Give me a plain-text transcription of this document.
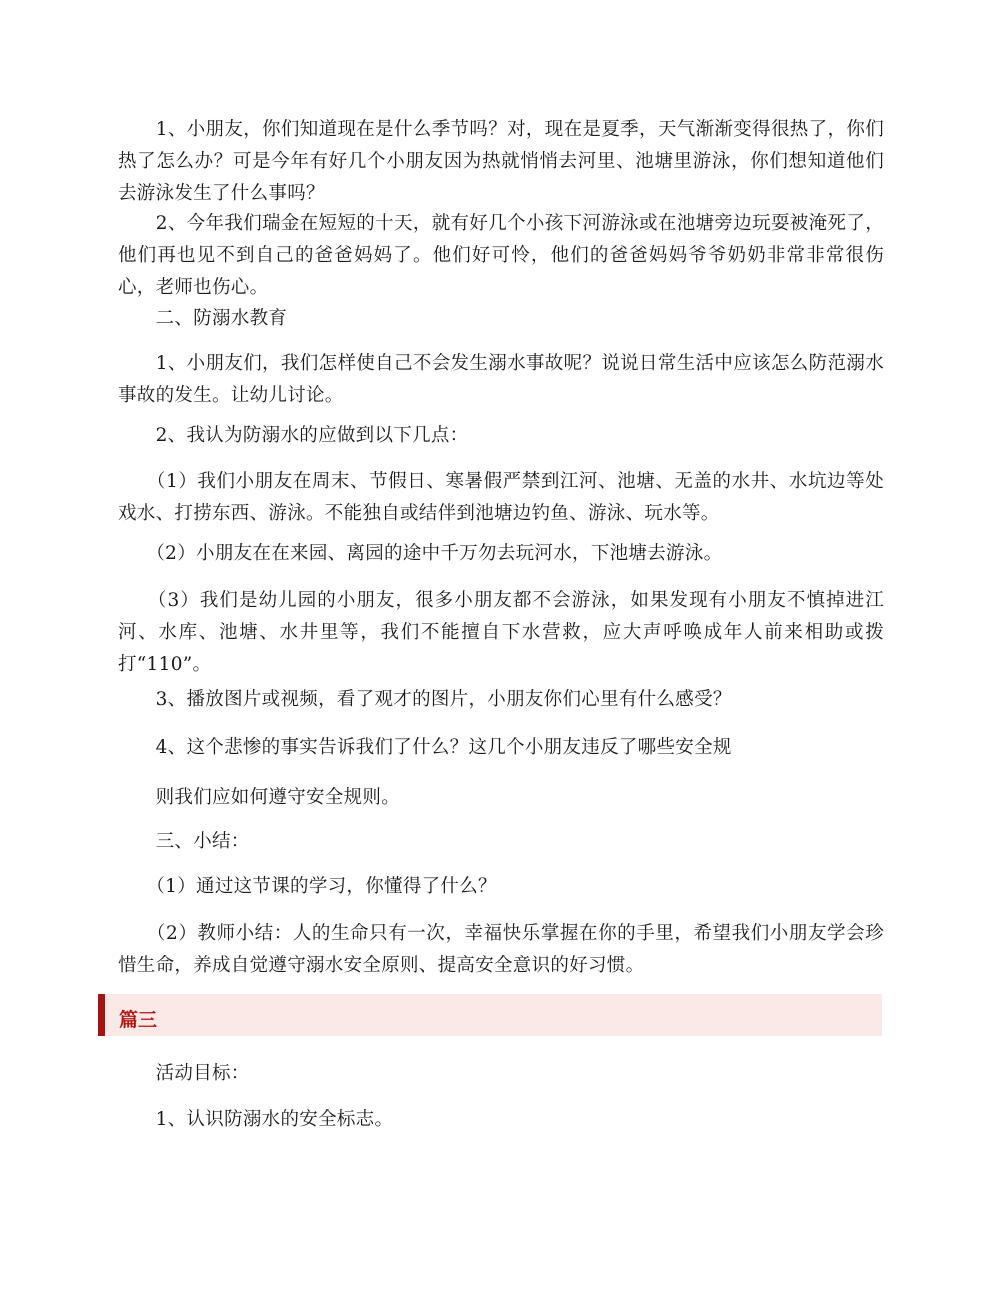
　　1、小朋友，你们知道现在是什么季节吗？对，现在是夏季，天气渐渐变得很热了，你们热了怎么办？可是今年有好几个小朋友因为热就悄悄去河里、池塘里游泳，你们想知道他们去游泳发生了什么事吗？

　　2、今年我们瑞金在短短的十天，就有好几个小孩下河游泳或在池塘旁边玩耍被淹死了，他们再也见不到自己的爸爸妈妈了。他们好可怜，他们的爸爸妈妈爷爷奶奶非常非常很伤心，老师也伤心。

　　二、防溺水教育

　　1、小朋友们，我们怎样使自己不会发生溺水事故呢？说说日常生活中应该怎么防范溺水事故的发生。让幼儿讨论。

　　2、我认为防溺水的应做到以下几点：

　　（1）我们小朋友在周末、节假日、寒暑假严禁到江河、池塘、无盖的水井、水坑边等处戏水、打捞东西、游泳。不能独自或结伴到池塘边钓鱼、游泳、玩水等。

　　（2）小朋友在在来园、离园的途中千万勿去玩河水，下池塘去游泳。

　　（3）我们是幼儿园的小朋友，很多小朋友都不会游泳，如果发现有小朋友不慎掉进江河、水库、池塘、水井里等，我们不能擅自下水营救，应大声呼唤成年人前来相助或拨打“110”。

　　3、播放图片或视频，看了观才的图片，小朋友你们心里有什么感受？

　　4、这个悲惨的事实告诉我们了什么？这几个小朋友违反了哪些安全规

　　则我们应如何遵守安全规则。

　　三、小结：

　　（1）通过这节课的学习，你懂得了什么？

　　（2）教师小结：人的生命只有一次，幸福快乐掌握在你的手里，希望我们小朋友学会珍惜生命，养成自觉遵守溺水安全原则、提高安全意识的好习惯。

篇三

　　活动目标：

　　1、认识防溺水的安全标志。
